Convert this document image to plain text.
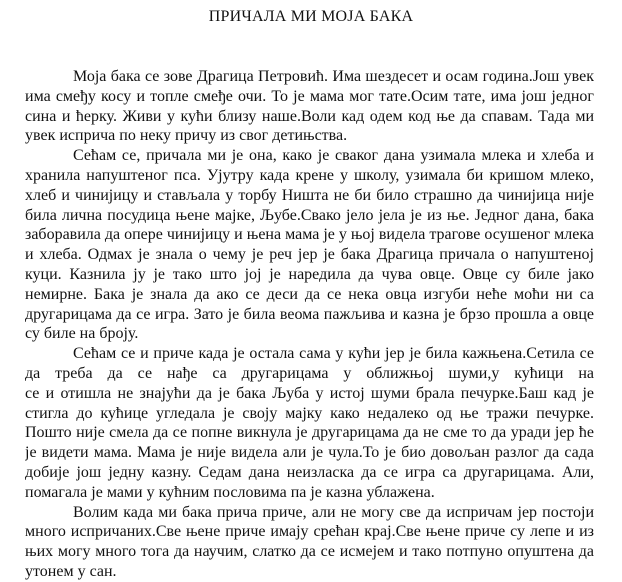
ПРИЧАЛА МИ МОЈА БАКА
Моја бака се зове Драгица Петровић. Има шездесет и осам година.Још увек
има смеђу косу и топле смеђе очи. То је мама мог тате.Осим тате, има још једног
сина и ћерку. Живи у кући близу наше.Воли кад одем код ње да спавам. Тада ми
увек исприча по неку причу из свог детињства.
Сећам се, причала ми је она, како је сваког дана узимала млека и хлеба и
хранила напуштеног пса. Ујутру када крене у школу, узимала би кришом млеко,
хлеб и чинијицу и стављала у торбу Ништа не би било страшно да чинијица није
била лична посудица њене мајке, Љубе.Свако јело јела је из ње. Једног дана, бака
заборавила да опере чинијицу и њена мама је у њој видела трагове осушеног млека
и хлеба. Одмах је знала о чему је реч јер је бака Драгица причала о напуштеној
куци. Казнила ју је тако што јој је наредила да чува овце. Овце су биле јако
немирне. Бака је знала да ако се деси да се нека овца изгуби неће моћи ни са
другарицама да се игра. Зато је била веома пажљива и казна је брзо прошла а овце
су биле на броју.
Сећам се и приче када је остала сама у кући јер је била кажњена.Сетила се
да треба да се нађе са другарицама у оближњој шуми,у кућици на
се и отишла не знајући да је бака Љуба у истој шуми брала печурке.Баш кад је
стигла до кућице угледала је своју мајку како недалеко од ње тражи печурке.
Пошто није смела да се попне викнула је другарицама да не сме то да уради јер ће
је видети мама. Мама је није видела али је чула.То је био довољан разлог да сада
добије још једну казну. Седам дана неизласка да се игра са другарицама. Али,
помагала је мами у кућним пословима па је казна ублажена.
Волим када ми бака прича приче, али не могу све да испричам јер постоји
много испричаних.Све њене приче имају срећан крај.Све њене приче су лепе и из
њих могу много тога да научим, слатко да се исмејем и тако потпуно опуштена да
утонем у сан.
